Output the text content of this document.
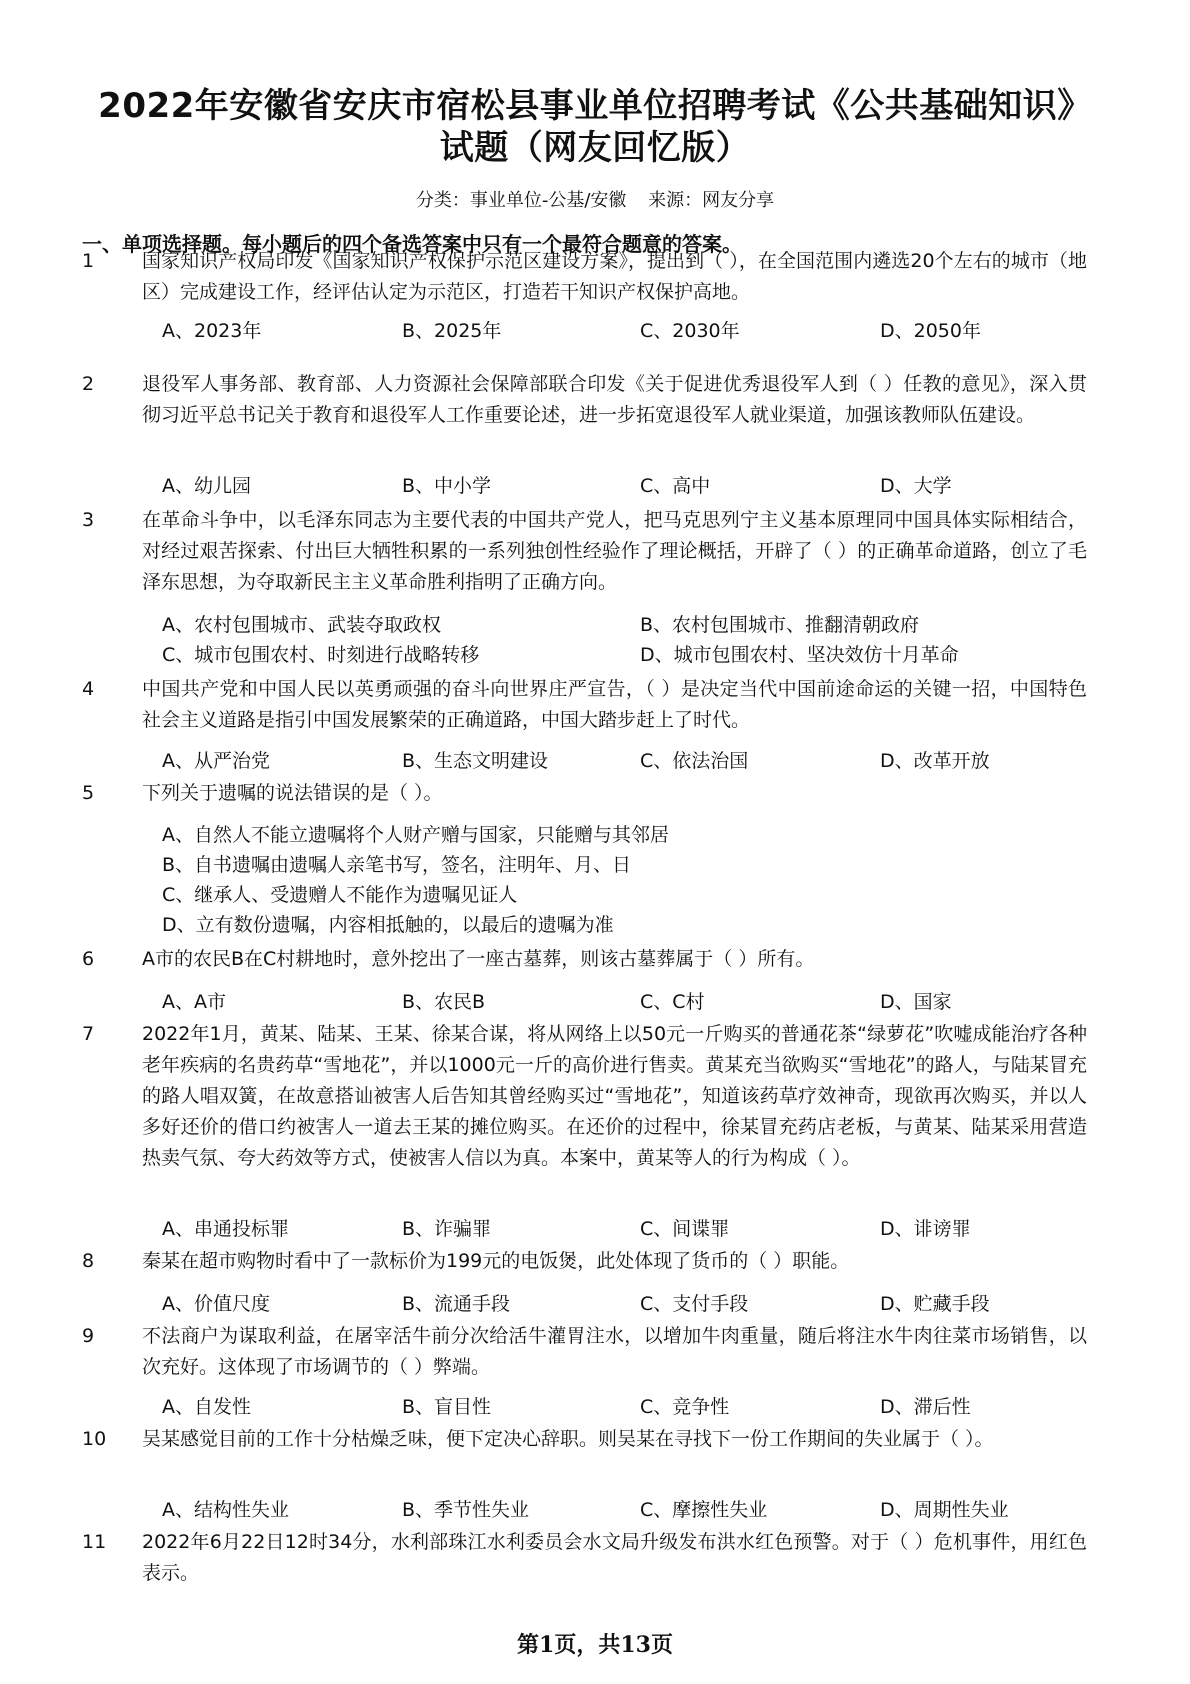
2022年安徽省安庆市宿松县事业单位招聘考试《公共基础知识》
试题（网友回忆版）
分类：事业单位-公基/安徽 来源：网友分享
一、单项选择题。每小题后的四个备选答案中只有一个最符合题意的答案。
1	国家知识产权局印发《国家知识产权保护示范区建设方案》，提出到（ ），在全国范围内遴选20个左右的城市（地区）完成建设工作，经评估认定为示范区，打造若干知识产权保护高地。
A、2023年	B、2025年	C、2030年	D、2050年
2	退役军人事务部、教育部、人力资源社会保障部联合印发《关于促进优秀退役军人到（ ）任教的意见》，深入贯彻习近平总书记关于教育和退役军人工作重要论述，进一步拓宽退役军人就业渠道，加强该教师队伍建设。
A、幼儿园	B、中小学	C、高中	D、大学
3	在革命斗争中，以毛泽东同志为主要代表的中国共产党人，把马克思列宁主义基本原理同中国具体实际相结合，对经过艰苦探索、付出巨大牺牲积累的一系列独创性经验作了理论概括，开辟了（ ）的正确革命道路，创立了毛泽东思想，为夺取新民主主义革命胜利指明了正确方向。
A、农村包围城市、武装夺取政权	B、农村包围城市、推翻清朝政府
C、城市包围农村、时刻进行战略转移	D、城市包围农村、坚决效仿十月革命
4	中国共产党和中国人民以英勇顽强的奋斗向世界庄严宣告，（ ）是决定当代中国前途命运的关键一招，中国特色社会主义道路是指引中国发展繁荣的正确道路，中国大踏步赶上了时代。
A、从严治党	B、生态文明建设	C、依法治国	D、改革开放
5	下列关于遗嘱的说法错误的是（ ）。
A、自然人不能立遗嘱将个人财产赠与国家，只能赠与其邻居
B、自书遗嘱由遗嘱人亲笔书写，签名，注明年、月、日
C、继承人、受遗赠人不能作为遗嘱见证人
D、立有数份遗嘱，内容相抵触的，以最后的遗嘱为准
6	A市的农民B在C村耕地时，意外挖出了一座古墓葬，则该古墓葬属于（ ）所有。
A、A市	B、农民B	C、C村	D、国家
7	2022年1月，黄某、陆某、王某、徐某合谋，将从网络上以50元一斤购买的普通花茶“绿萝花”吹嘘成能治疗各种老年疾病的名贵药草“雪地花”，并以1000元一斤的高价进行售卖。黄某充当欲购买“雪地花”的路人，与陆某冒充的路人唱双簧，在故意搭讪被害人后告知其曾经购买过“雪地花”，知道该药草疗效神奇，现欲再次购买，并以人多好还价的借口约被害人一道去王某的摊位购买。在还价的过程中，徐某冒充药店老板，与黄某、陆某采用营造热卖气氛、夸大药效等方式，使被害人信以为真。本案中，黄某等人的行为构成（ ）。
A、串通投标罪	B、诈骗罪	C、间谍罪	D、诽谤罪
8	秦某在超市购物时看中了一款标价为199元的电饭煲，此处体现了货币的（ ）职能。
A、价值尺度	B、流通手段	C、支付手段	D、贮藏手段
9	不法商户为谋取利益，在屠宰活牛前分次给活牛灌胃注水，以增加牛肉重量，随后将注水牛肉往菜市场销售，以次充好。这体现了市场调节的（ ）弊端。
A、自发性	B、盲目性	C、竞争性	D、滞后性
10 吴某感觉目前的工作十分枯燥乏味，便下定决心辞职。则吴某在寻找下一份工作期间的失业属于（ ）。
A、结构性失业	B、季节性失业	C、摩擦性失业	D、周期性失业
11 2022年6月22日12时34分，水利部珠江水利委员会水文局升级发布洪水红色预警。对于（ ）危机事件，用红色表示。
第1页，共13页
